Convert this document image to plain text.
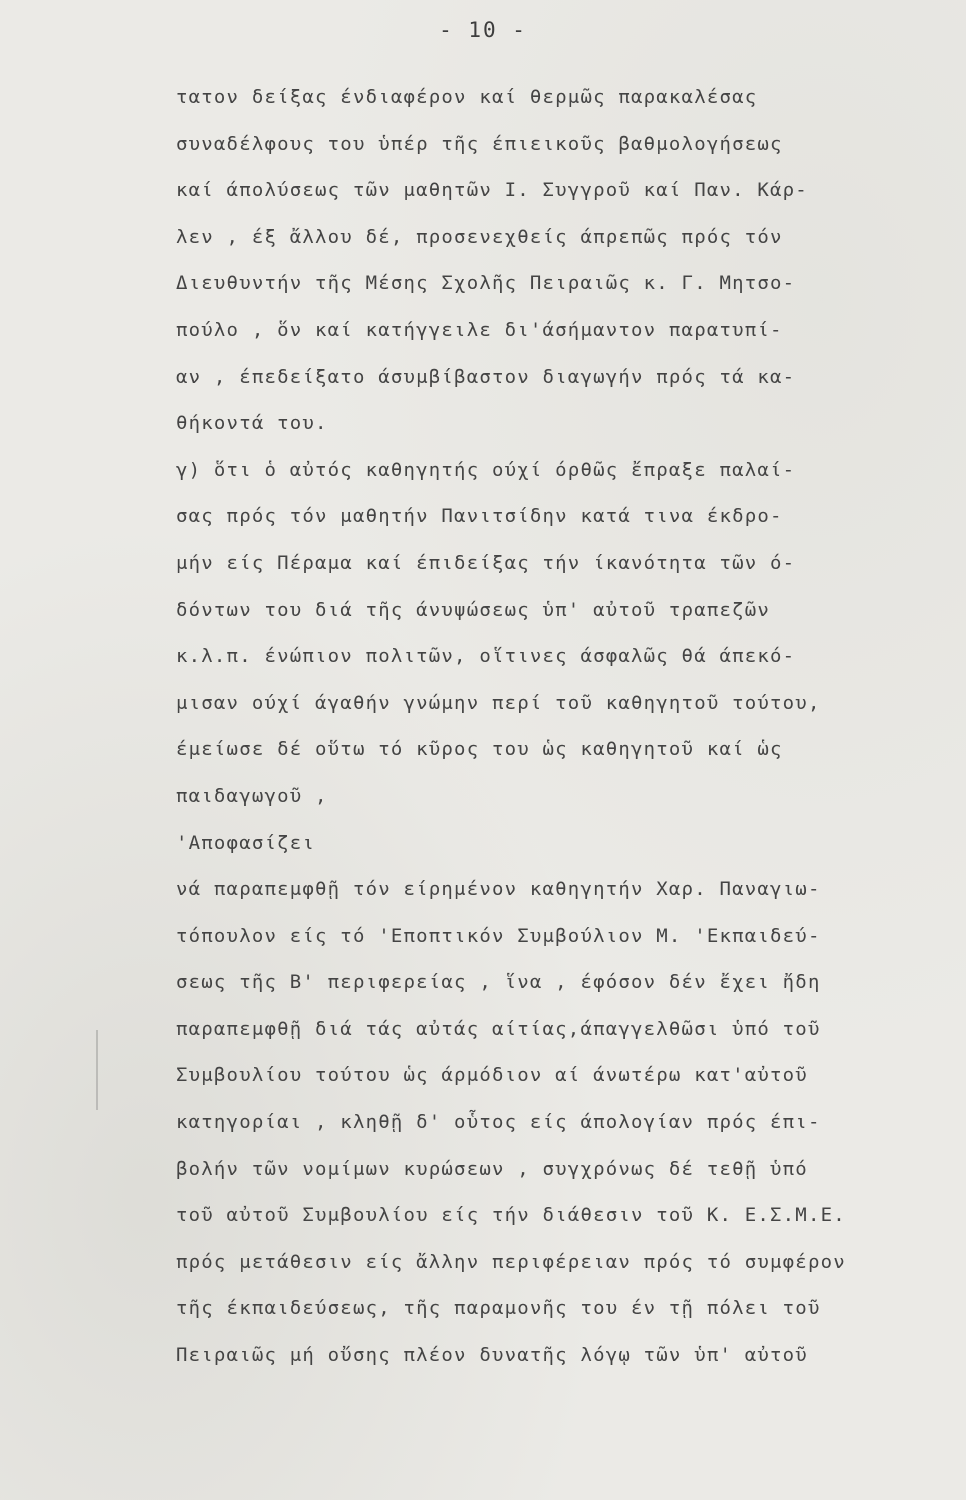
- 10 -
τατον δείξας ένδιαφέρον καί θερμῶς παρακαλέσας
συναδέλφους του ὑπέρ τῆς έπιεικοῦς βαθμολογήσεως
καί άπολύσεως τῶν μαθητῶν Ι. Συγγροῦ καί Παν. Κάρ-
λεν , έξ ἄλλου δέ, προσενεχθείς άπρεπῶς πρός τόν
Διευθυντήν τῆς Μέσης Σχολῆς Πειραιῶς κ. Γ. Μητσο-
πούλο , ὅν καί κατήγγειλε δι'άσήμαντον παρατυπί-
αν , έπεδείξατο άσυμβίβαστον διαγωγήν πρός τά κα-
θήκοντά του.
γ) ὅτι ὁ αὐτός καθηγητής ούχί όρθῶς ἔπραξε παλαί-
σας πρός τόν μαθητήν Πανιτσίδην κατά τινα έκδρο-
μήν είς Πέραμα καί έπιδείξας τήν ίκανότητα τῶν ό-
δόντων του διά τῆς άνυψώσεως ὑπ' αὐτοῦ τραπεζῶν
κ.λ.π. ένώπιον πολιτῶν, οἵτινες άσφαλῶς θά άπεκό-
μισαν ούχί άγαθήν γνώμην περί τοῦ καθηγητοῦ τούτου,
έμείωσε δέ οὕτω τό κῦρος του ὡς καθηγητοῦ καί ὡς
παιδαγωγοῦ ,
'Αποφασίζει
νά παραπεμφθῇ τόν είρημένον καθηγητήν Χαρ. Παναγιω-
τόπουλον είς τό 'Εποπτικόν Συμβούλιον Μ. 'Εκπαιδεύ-
σεως τῆς Β' περιφερείας , ἵνα , έφόσον δέν ἔχει ἤδη
παραπεμφθῇ διά τάς αὐτάς αίτίας,άπαγγελθῶσι ὑπό τοῦ
Συμβουλίου τούτου ὡς άρμόδιον αί άνωτέρω κατ'αὐτοῦ
κατηγορίαι , κληθῇ δ' οὗτος είς άπολογίαν πρός έπι-
βολήν τῶν νομίμων κυρώσεων , συγχρόνως δέ τεθῇ ὑπό
τοῦ αὐτοῦ Συμβουλίου είς τήν διάθεσιν τοῦ Κ. Ε.Σ.Μ.Ε.
πρός μετάθεσιν είς ἄλλην περιφέρειαν πρός τό συμφέρον
τῆς έκπαιδεύσεως, τῆς παραμονῆς του έν τῇ πόλει τοῦ
Πειραιῶς μή οὔσης πλέον δυνατῆς λόγῳ τῶν ὑπ' αὐτοῦ
